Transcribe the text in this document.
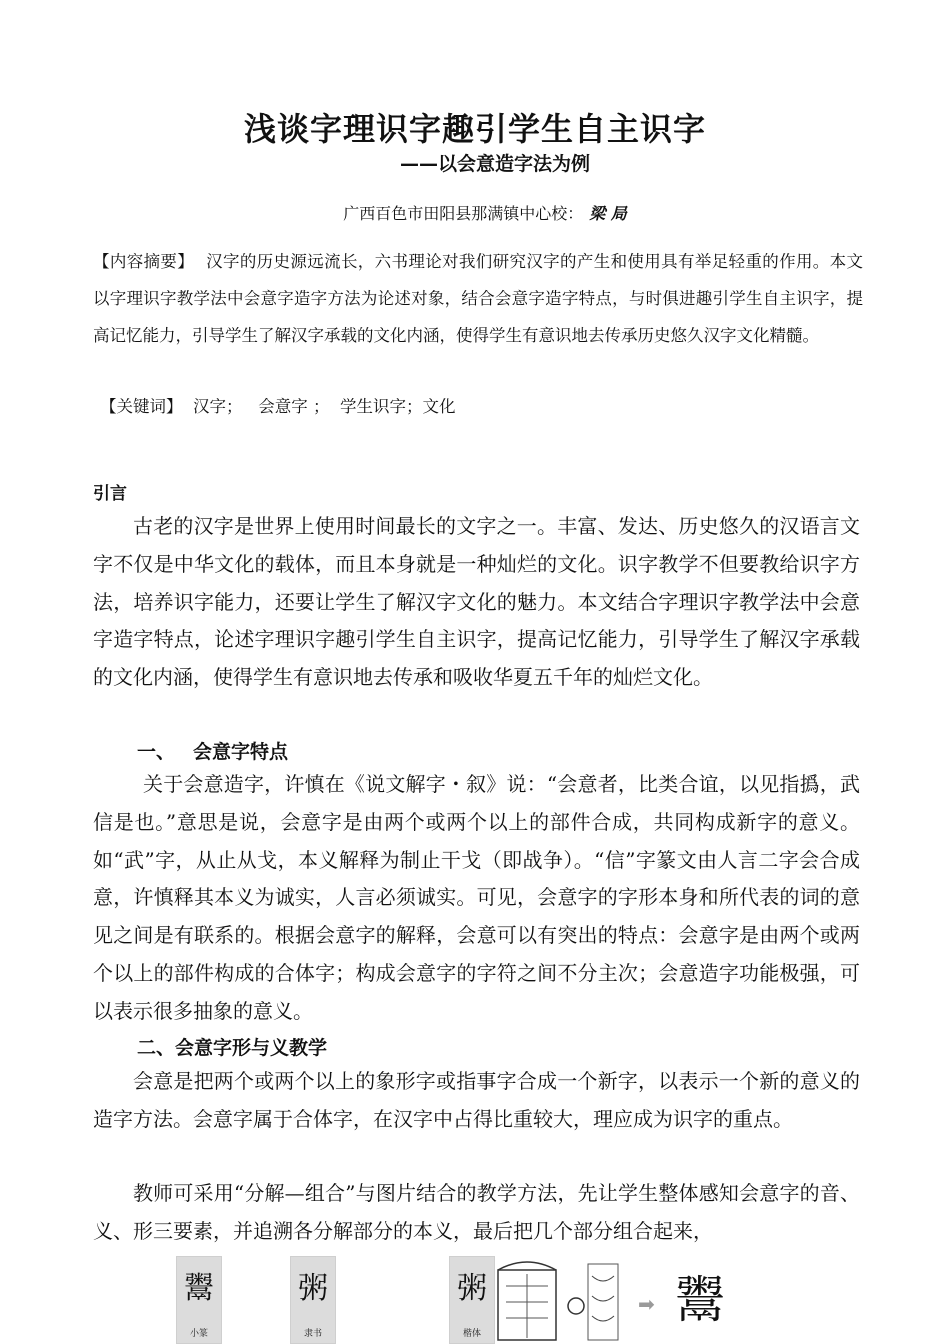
浅谈字理识字趣引学生自主识字
——以会意造字法为例
广西百色市田阳县那满镇中心校： 梁 局
【内容摘要】 汉字的历史源远流长，六书理论对我们研究汉字的产生和使用具有举足轻重的作用。本文以字理识字教学法中会意字造字方法为论述对象，结合会意字造字特点，与时俱进趣引学生自主识字，提高记忆能力，引导学生了解汉字承载的文化内涵，使得学生有意识地去传承历史悠久汉字文化精髓。
【关键词】  汉字；   会意字 ；  学生识字；文化
引言
古老的汉字是世界上使用时间最长的文字之一。丰富、发达、历史悠久的汉语言文字不仅是中华文化的载体，而且本身就是一种灿烂的文化。识字教学不但要教给识字方法，培养识字能力，还要让学生了解汉字文化的魅力。本文结合字理识字教学法中会意字造字特点，论述字理识字趣引学生自主识字，提高记忆能力，引导学生了解汉字承载的文化内涵，使得学生有意识地去传承和吸收华夏五千年的灿烂文化。
一、 会意字特点
关于会意造字，许慎在《说文解字・叙》说：“会意者，比类合谊，以见指撝，武信是也。”意思是说，会意字是由两个或两个以上的部件合成，共同构成新字的意义。如“武”字，从止从戈，本义解释为制止干戈（即战争）。“信”字篆文由人言二字会合成意，许慎释其本义为诚实，人言必须诚实。可见，会意字的字形本身和所代表的词的意见之间是有联系的。根据会意字的解释，会意可以有突出的特点：会意字是由两个或两个以上的部件构成的合体字；构成会意字的字符之间不分主次；会意造字功能极强，可以表示很多抽象的意义。
二、会意字形与义教学
会意是把两个或两个以上的象形字或指事字合成一个新字，以表示一个新的意义的造字方法。会意字属于合体字，在汉字中占得比重较大，理应成为识字的重点。
教师可采用“分解—组合”与图片结合的教学方法，先让学生整体感知会意字的音、义、形三要素，并追溯各分解部分的本义，最后把几个部分组合起来，
鬻
小篆
粥
隶书
粥
楷体
➡ 鬻
